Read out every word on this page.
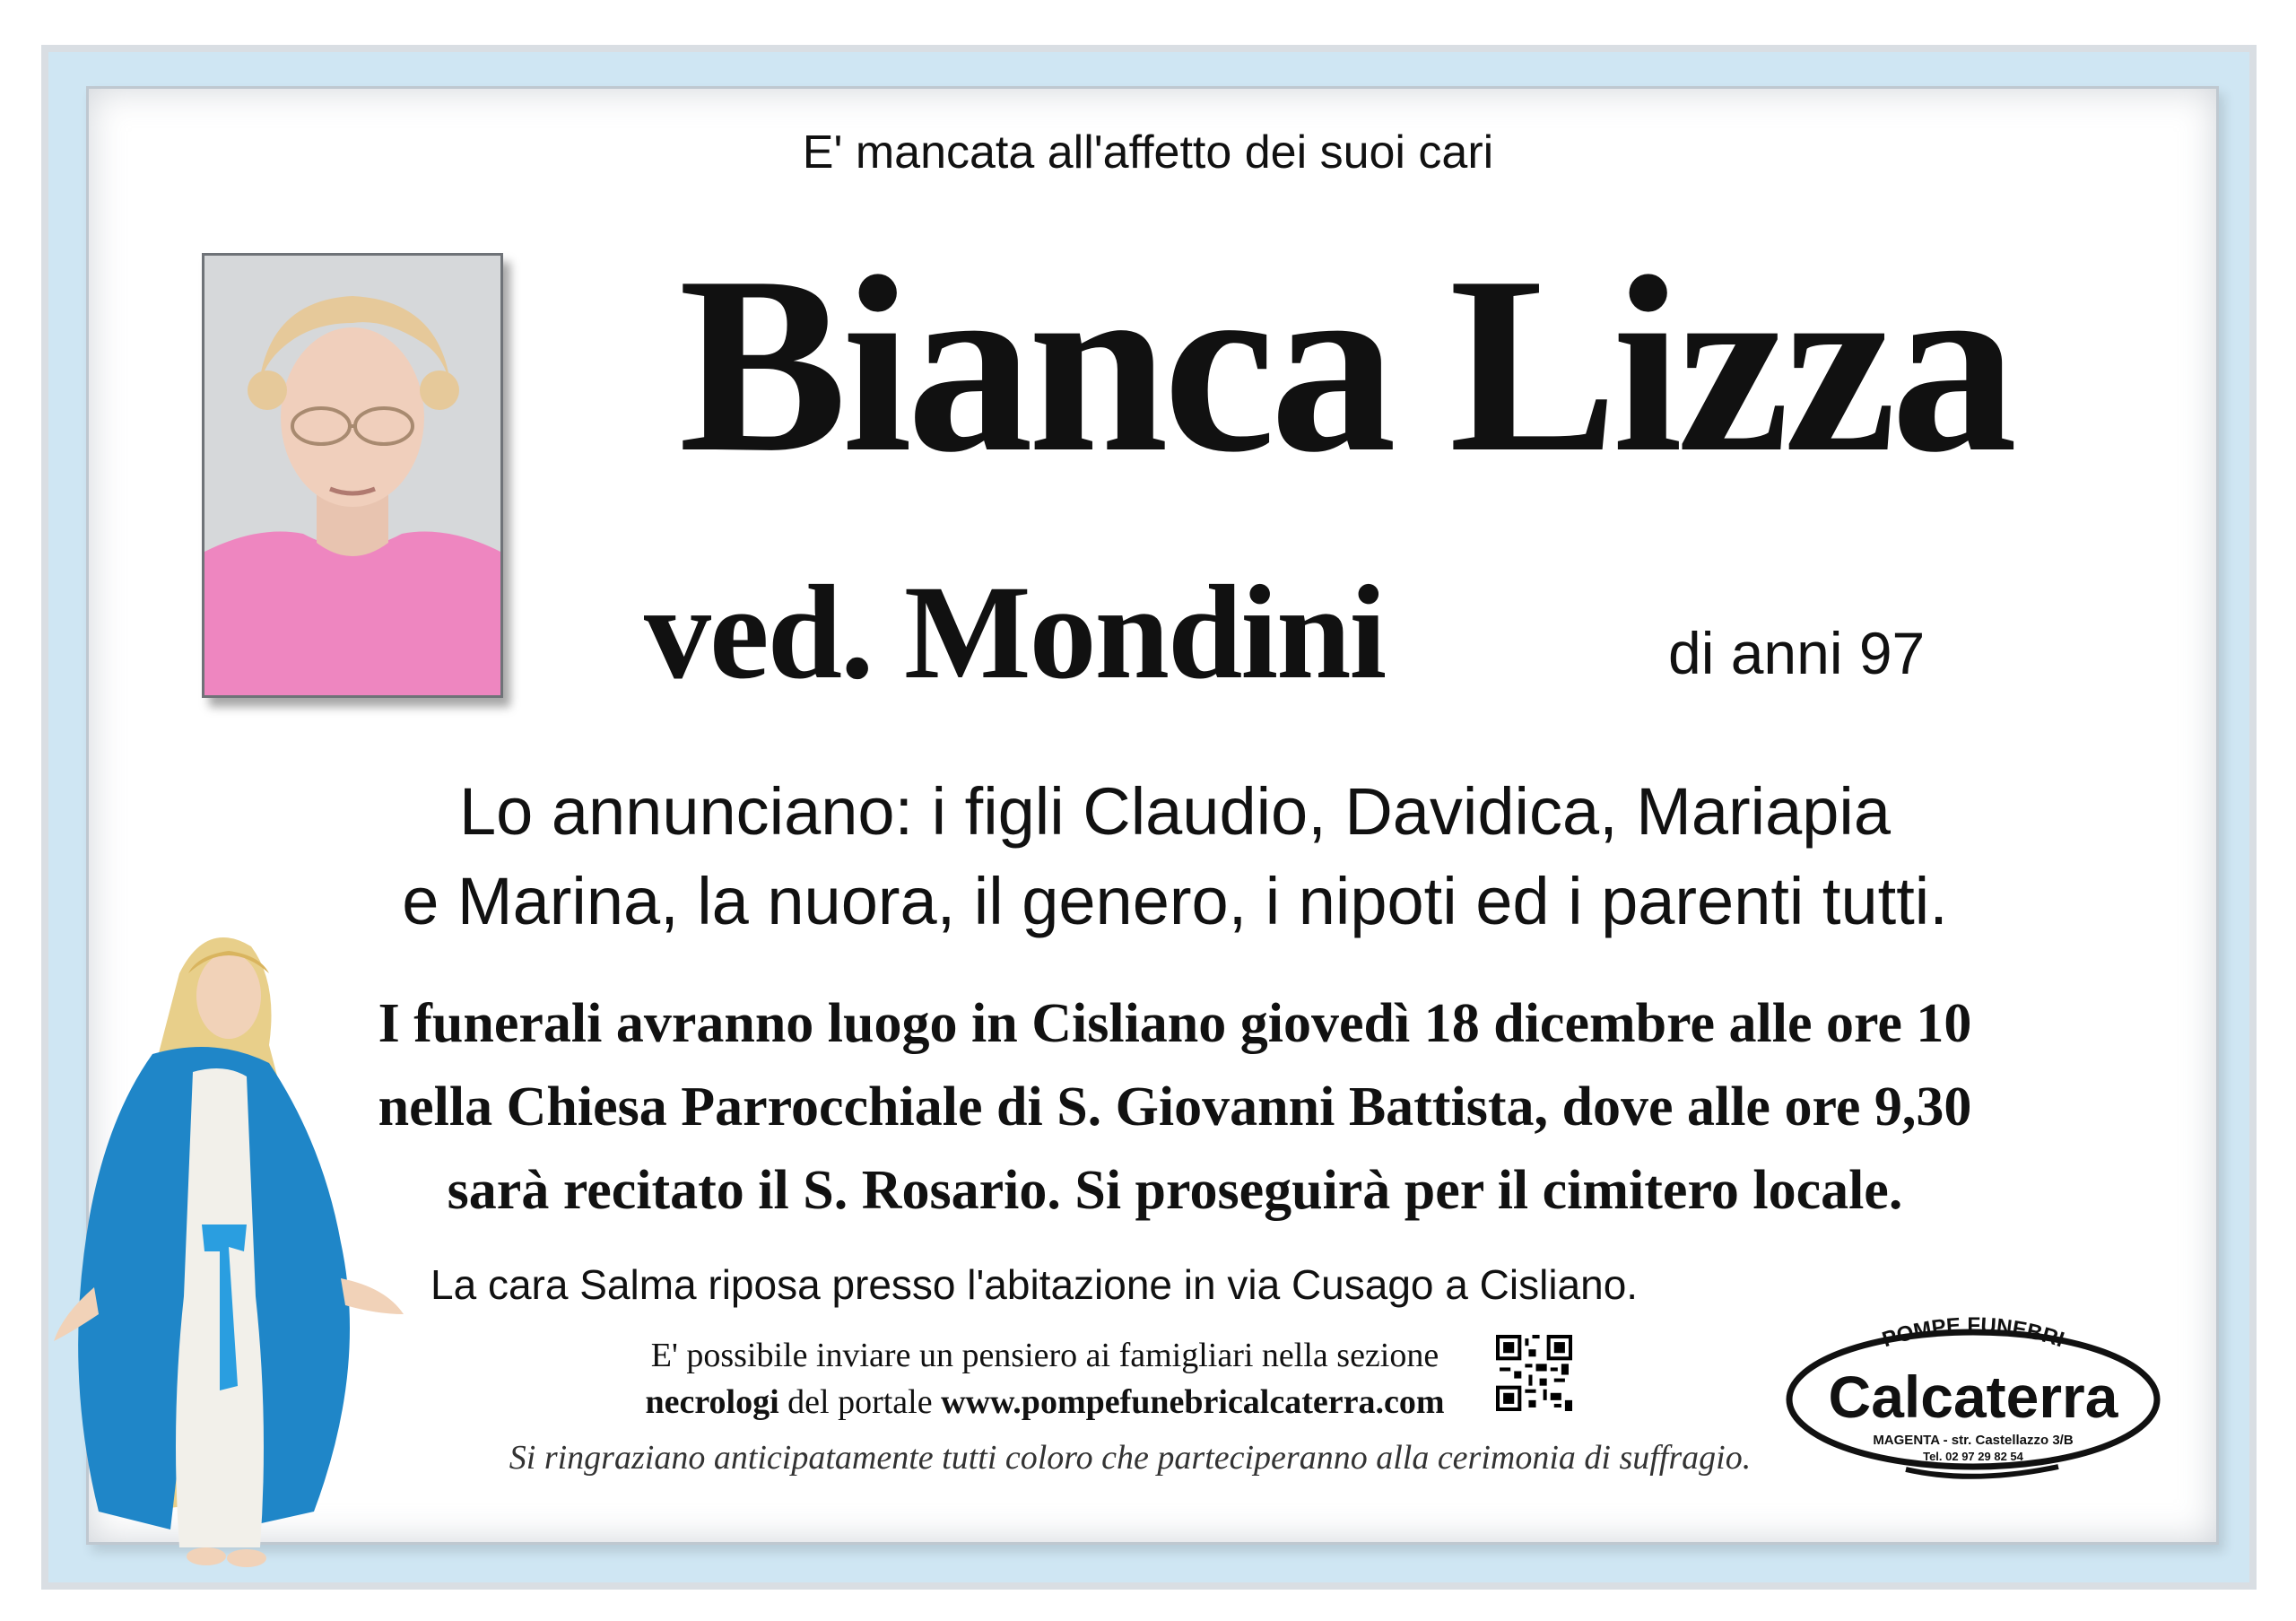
E' mancata all'affetto dei suoi cari
Bianca Lizza
ved. Mondini	di anni 97
Lo annunciano: i figli Claudio, Davidica, Mariapia
e Marina, la nuora, il genero, i nipoti ed i parenti tutti.
I funerali avranno luogo in Cisliano giovedì 18 dicembre alle ore 10
nella Chiesa Parrocchiale di S. Giovanni Battista, dove alle ore 9,30
sarà recitato il S. Rosario. Si proseguirà per il cimitero locale.
La cara Salma riposa presso l'abitazione in via Cusago a Cisliano.
E' possibile inviare un pensiero ai famigliari nella sezione
necrologi del portale www.pompefunebricalcaterra.com
Si ringraziano anticipatamente tutti coloro che parteciperanno alla cerimonia di suffragio.
POMPE FUNEBRI
Calcaterra
MAGENTA - str. Castellazzo 3/B
Tel. 02 97 29 82 54
